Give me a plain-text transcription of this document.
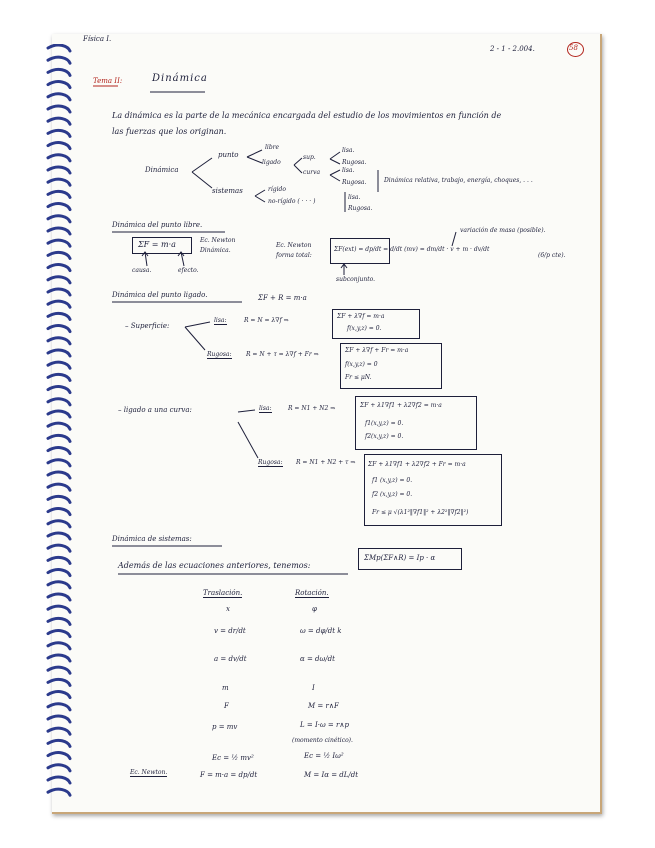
Física I.
2 - 1 - 2.004.	58
Tema II:	Dinámica
La dinámica es la parte de la mecánica encargada del estudio de los movimientos en función de
las fuerzas que los originan.
Dinámica
punto
libre
ligado
sup.
curva
lisa.
Rugosa.
lisa.
Rugosa.
sistemas	rígido
no-rígido ( · · · )
lisa.
Rugosa.
Dinámica relativa, trabajo, energía, choques, . . .
Dinámica del punto libre.
ΣF = m·a	Ec. Newton
Dinámica.
causa.	efecto.
Ec. Newton
forma total:
ΣF(ext) = dp/dt = d/dt (mv) = dm/dt · v + m · dv/dt
(6/p cte).
variación de masa (posible).
subconjunto.
Dinámica del punto ligado.	ΣF + R = m·a
– Superficie:
lisa:	R = N = λ∇f ⇒
ΣF + λ∇f = m·a
f(x,y,z) = 0.
Rugosa: R = N + τ = λ∇f + Fr ⇒
ΣF + λ∇f + Fr = m·a
f(x,y,z) = 0
Fr ≤ μN.
– ligado a una curva:	lisa:	R = N1 + N2 ⇒	ΣF + λ1∇f1 + λ2∇f2 = m·a
f1(x,y,z) = 0.
f2(x,y,z) = 0.
Rugosa: R = N1 + N2 + τ ⇒ ΣF + λ1∇f1 + λ2∇f2 + Fr = m·a
f1 (x,y,z) = 0.
f2 (x,y,z) = 0.
Fr ≤ μ √(λ1²‖∇f1‖² + λ2²‖∇f2‖²)
Dinámica de sistemas:
Además de las ecuaciones anteriores, tenemos:
ΣMp(ΣF∧R) = Ip · α
Traslación.	Rotación.
x	φ
v = dr/dt	ω = dφ/dt k
a = dv/dt	α = dω/dt
m	I
F	M = r∧F
p = mv	L = I·ω = r∧p
(momento cinético).
Ec = ½ mv²	Ec = ½ Iω²
Ec. Newton.	F = m·a = dp/dt	M = Iα = dL/dt
